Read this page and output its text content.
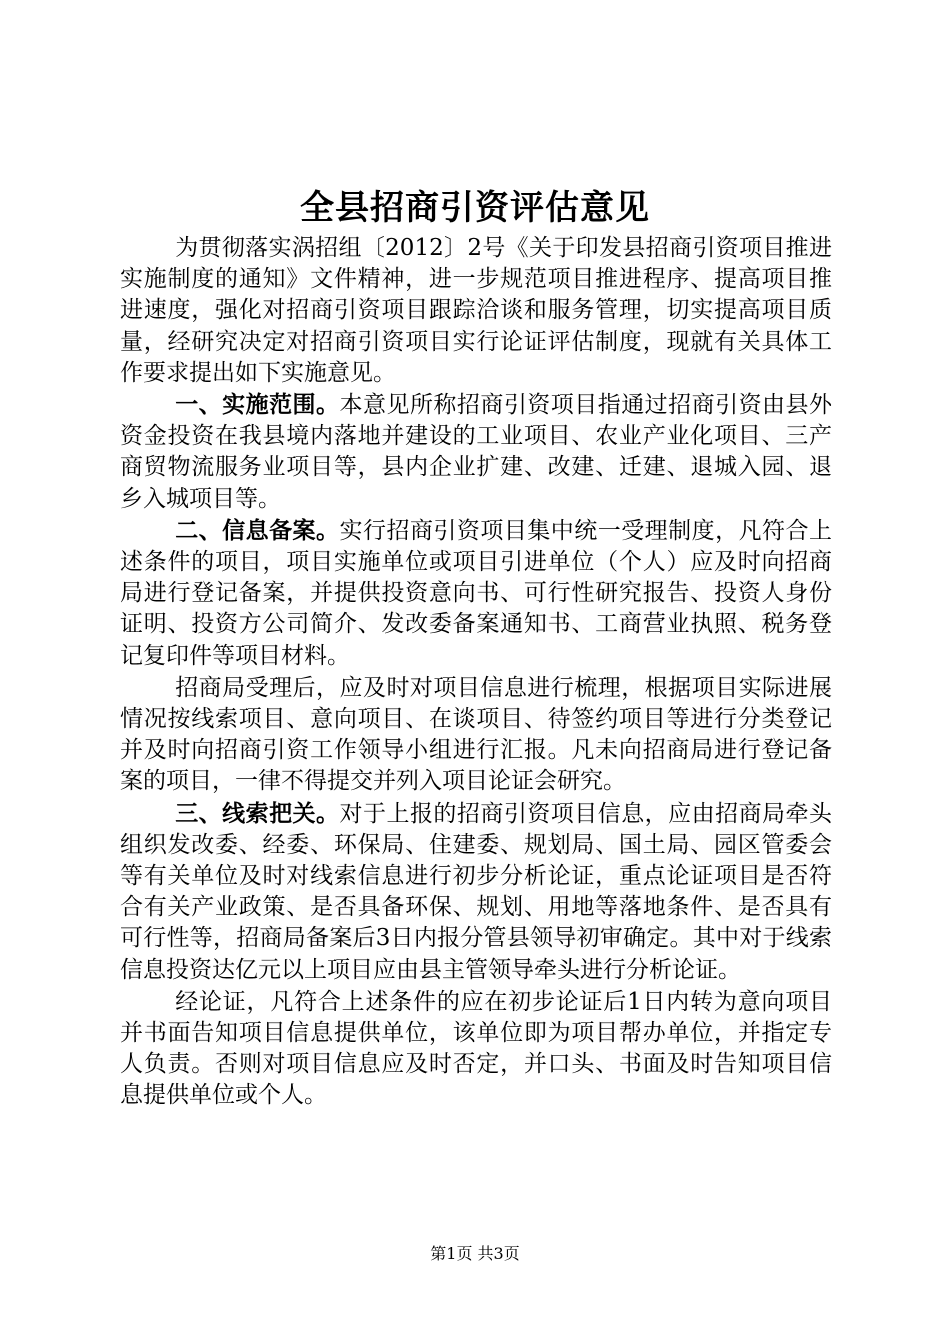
全县招商引资评估意见

为贯彻落实涡招组〔2012〕2号《关于印发县招商引资项目推进实施制度的通知》文件精神，进一步规范项目推进程序、提高项目推进速度，强化对招商引资项目跟踪洽谈和服务管理，切实提高项目质量，经研究决定对招商引资项目实行论证评估制度，现就有关具体工作要求提出如下实施意见。

一、实施范围。本意见所称招商引资项目指通过招商引资由县外资金投资在我县境内落地并建设的工业项目、农业产业化项目、三产商贸物流服务业项目等，县内企业扩建、改建、迁建、退城入园、退乡入城项目等。

二、信息备案。实行招商引资项目集中统一受理制度，凡符合上述条件的项目，项目实施单位或项目引进单位（个人）应及时向招商局进行登记备案，并提供投资意向书、可行性研究报告、投资人身份证明、投资方公司简介、发改委备案通知书、工商营业执照、税务登记复印件等项目材料。

招商局受理后，应及时对项目信息进行梳理，根据项目实际进展情况按线索项目、意向项目、在谈项目、待签约项目等进行分类登记并及时向招商引资工作领导小组进行汇报。凡未向招商局进行登记备案的项目，一律不得提交并列入项目论证会研究。

三、线索把关。对于上报的招商引资项目信息，应由招商局牵头组织发改委、经委、环保局、住建委、规划局、国土局、园区管委会等有关单位及时对线索信息进行初步分析论证，重点论证项目是否符合有关产业政策、是否具备环保、规划、用地等落地条件、是否具有可行性等，招商局备案后3日内报分管县领导初审确定。其中对于线索信息投资达亿元以上项目应由县主管领导牵头进行分析论证。

经论证，凡符合上述条件的应在初步论证后1日内转为意向项目并书面告知项目信息提供单位，该单位即为项目帮办单位，并指定专人负责。否则对项目信息应及时否定，并口头、书面及时告知项目信息提供单位或个人。

第1页 共3页
